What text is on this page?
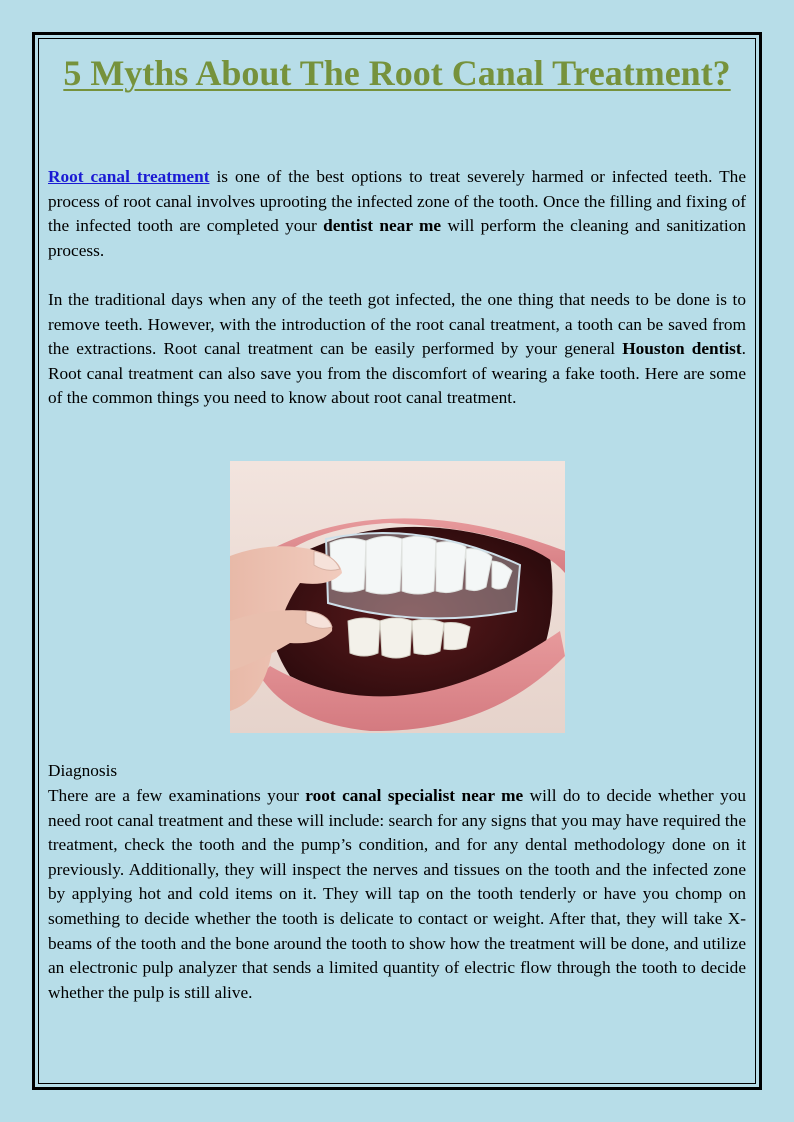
5 Myths About The Root Canal Treatment?

Root canal treatment is one of the best options to treat severely harmed or infected teeth. The process of root canal involves uprooting the infected zone of the tooth. Once the filling and fixing of the infected tooth are completed your dentist near me will perform the cleaning and sanitization process.

In the traditional days when any of the teeth got infected, the one thing that needs to be done is to remove teeth. However, with the introduction of the root canal treatment, a tooth can be saved from the extractions. Root canal treatment can be easily performed by your general Houston dentist. Root canal treatment can also save you from the discomfort of wearing a fake tooth. Here are some of the common things you need to know about root canal treatment.

Diagnosis

There are a few examinations your root canal specialist near me will do to decide whether you need root canal treatment and these will include: search for any signs that you may have required the treatment, check the tooth and the pump’s condition, and for any dental methodology done on it previously. Additionally, they will inspect the nerves and tissues on the tooth and the infected zone by applying hot and cold items on it. They will tap on the tooth tenderly or have you chomp on something to decide whether the tooth is delicate to contact or weight. After that, they will take X-beams of the tooth and the bone around the tooth to show how the treatment will be done, and utilize an electronic pulp analyzer that sends a limited quantity of electric flow through the tooth to decide whether the pulp is still alive.
